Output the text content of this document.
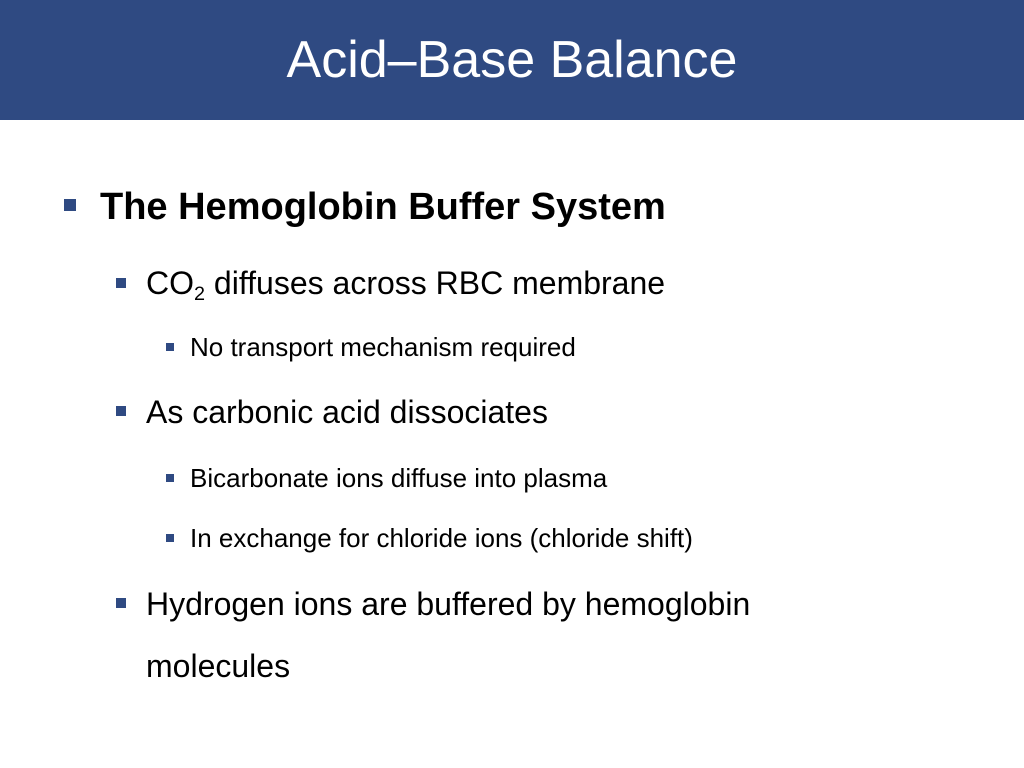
Acid–Base Balance
The Hemoglobin Buffer System
$CO_2$ diffuses across RBC membrane
No transport mechanism required
As carbonic acid dissociates
Bicarbonate ions diffuse into plasma
In exchange for chloride ions (chloride shift)
Hydrogen ions are buffered by hemoglobin
molecules
